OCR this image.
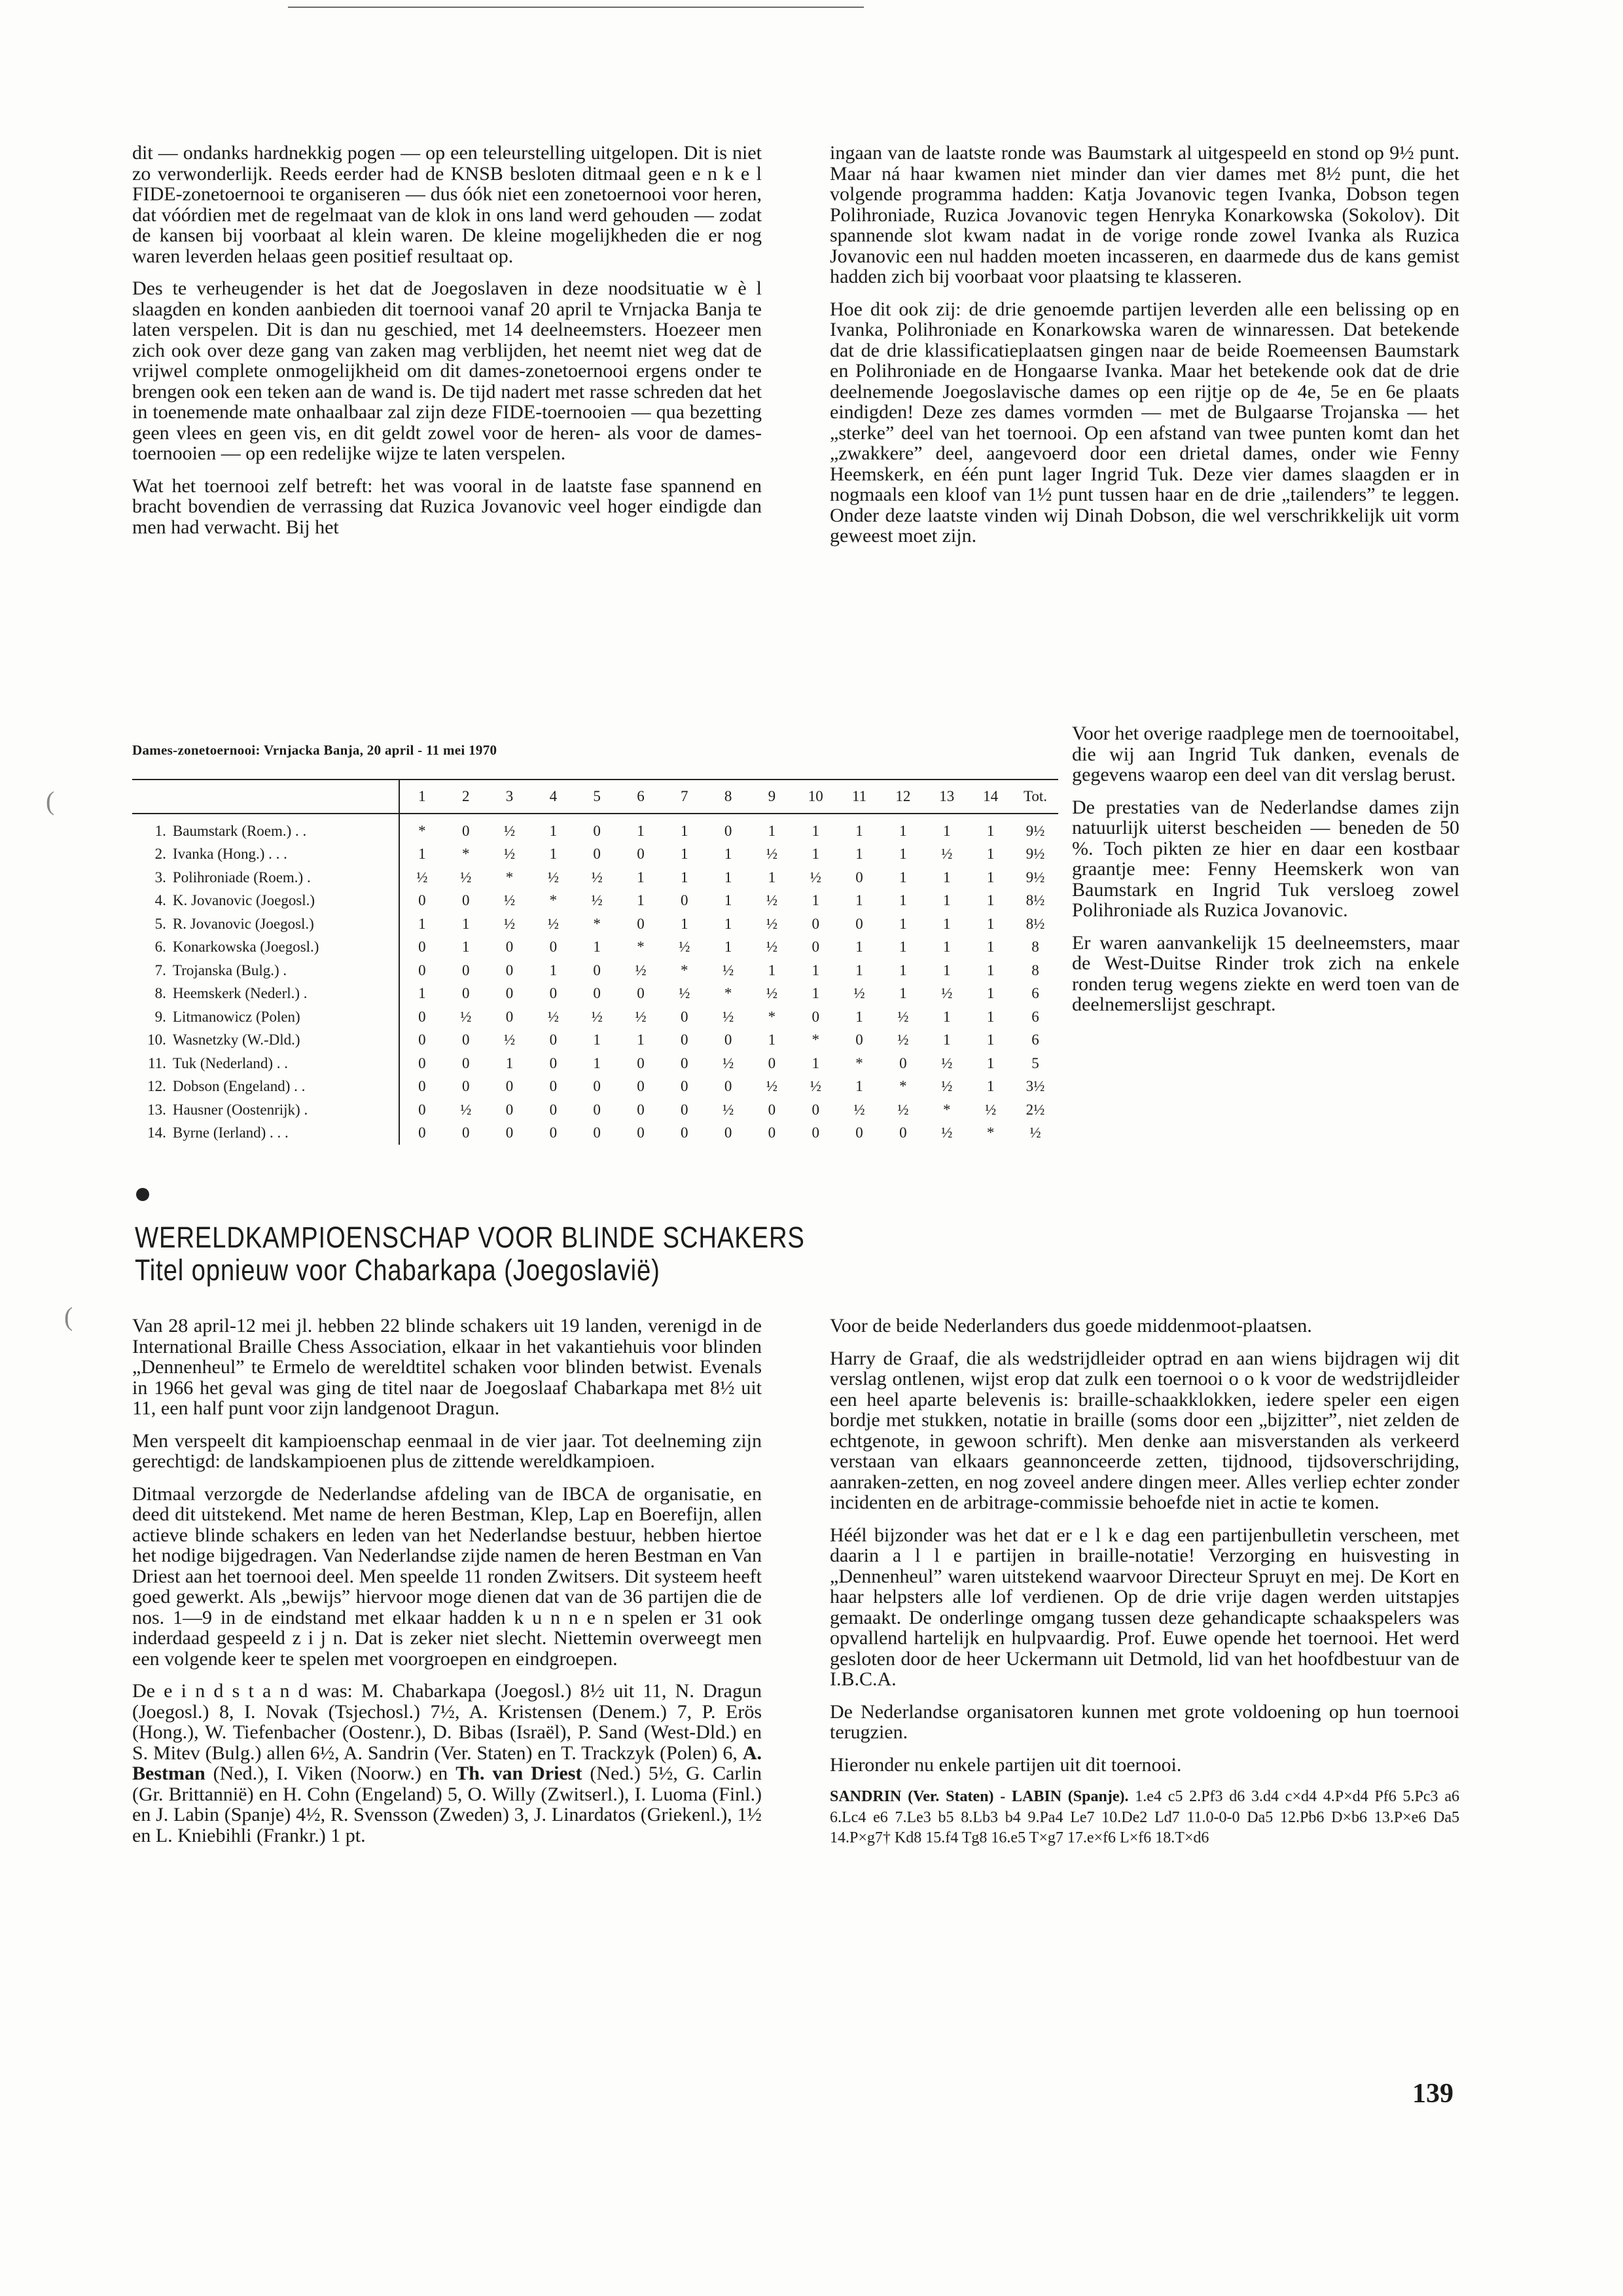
(
(

dit — ondanks hardnekkig pogen — op een teleurstelling uitgelopen. Dit is niet zo verwonderlijk. Reeds eerder had de KNSB besloten ditmaal geen e n k e l FIDE-zonetoernooi te organiseren — dus óók niet een zonetoernooi voor heren, dat vóórdien met de regelmaat van de klok in ons land werd gehouden — zodat de kansen bij voorbaat al klein waren. De kleine mogelijkheden die er nog waren leverden helaas geen positief resultaat op.

Des te verheugender is het dat de Joegoslaven in deze noodsituatie w è l slaagden en konden aanbieden dit toernooi vanaf 20 april te Vrnjacka Banja te laten verspelen. Dit is dan nu geschied, met 14 deelneemsters. Hoezeer men zich ook over deze gang van zaken mag verblijden, het neemt niet weg dat de vrijwel complete onmogelijkheid om dit dames-zonetoernooi ergens onder te brengen ook een teken aan de wand is. De tijd nadert met rasse schreden dat het in toenemende mate onhaalbaar zal zijn deze FIDE-toernooien — qua bezetting geen vlees en geen vis, en dit geldt zowel voor de heren- als voor de dames-toernooien — op een redelijke wijze te laten verspelen.

Wat het toernooi zelf betreft: het was vooral in de laatste fase spannend en bracht bovendien de verrassing dat Ruzica Jovanovic veel hoger eindigde dan men had verwacht. Bij het

ingaan van de laatste ronde was Baumstark al uitgespeeld en stond op 9½ punt. Maar ná haar kwamen niet minder dan vier dames met 8½ punt, die het volgende programma hadden: Katja Jovanovic tegen Ivanka, Dobson tegen Polihroniade, Ruzica Jovanovic tegen Henryka Konarkowska (Sokolov). Dit spannende slot kwam nadat in de vorige ronde zowel Ivanka als Ruzica Jovanovic een nul hadden moeten incasseren, en daarmede dus de kans gemist hadden zich bij voorbaat voor plaatsing te klasseren.

Hoe dit ook zij: de drie genoemde partijen leverden alle een belissing op en Ivanka, Polihroniade en Konarkowska waren de winnaressen. Dat betekende dat de drie klassificatieplaatsen gingen naar de beide Roemeensen Baumstark en Polihroniade en de Hongaarse Ivanka. Maar het betekende ook dat de drie deelnemende Joegoslavische dames op een rijtje op de 4e, 5e en 6e plaats eindigden! Deze zes dames vormden — met de Bulgaarse Trojanska — het „sterke” deel van het toernooi. Op een afstand van twee punten komt dan het „zwakkere” deel, aangevoerd door een drietal dames, onder wie Fenny Heemskerk, en één punt lager Ingrid Tuk. Deze vier dames slaagden er in nogmaals een kloof van 1½ punt tussen haar en de drie „tailenders” te leggen. Onder deze laatste vinden wij Dinah Dobson, die wel verschrikkelijk uit vorm geweest moet zijn.

Voor het overige raadplege men de toernooitabel, die wij aan Ingrid Tuk danken, evenals de gegevens waarop een deel van dit verslag berust.

De prestaties van de Nederlandse dames zijn natuurlijk uiterst bescheiden — beneden de 50 %. Toch pikten ze hier en daar een kostbaar graantje mee: Fenny Heemskerk won van Baumstark en Ingrid Tuk versloeg zowel Polihroniade als Ruzica Jovanovic.

Er waren aanvankelijk 15 deelneemsters, maar de West-Duitse Rinder trok zich na enkele ronden terug wegens ziekte en werd toen van de deelnemerslijst geschrapt.

Dames-zonetoernooi: Vrnjacka Banja, 20 april - 11 mei 1970
		1	2	3	4	5	6	7	8	9	10	11	12	13	14	Tot.
1.	Baumstark (Roem.) . .	*	0	½	1	0	1	1	0	1	1	1	1	1	1	9½
2.	Ivanka (Hong.) . . .	1	*	½	1	0	0	1	1	½	1	1	1	½	1	9½
3.	Polihroniade (Roem.) .	½	½	*	½	½	1	1	1	1	½	0	1	1	1	9½
4.	K. Jovanovic (Joegosl.)	0	0	½	*	½	1	0	1	½	1	1	1	1	1	8½
5.	R. Jovanovic (Joegosl.)	1	1	½	½	*	0	1	1	½	0	0	1	1	1	8½
6.	Konarkowska (Joegosl.)	0	1	0	0	1	*	½	1	½	0	1	1	1	1	8
7.	Trojanska (Bulg.) .	0	0	0	1	0	½	*	½	1	1	1	1	1	1	8
8.	Heemskerk (Nederl.) .	1	0	0	0	0	0	½	*	½	1	½	1	½	1	6
9.	Litmanowicz (Polen)	0	½	0	½	½	½	0	½	*	0	1	½	1	1	6
10.	Wasnetzky (W.-Dld.)	0	0	½	0	1	1	0	0	1	*	0	½	1	1	6
11.	Tuk (Nederland) . .	0	0	1	0	1	0	0	½	0	1	*	0	½	1	5
12.	Dobson (Engeland) . .	0	0	0	0	0	0	0	0	½	½	1	*	½	1	3½
13.	Hausner (Oostenrijk) .	0	½	0	0	0	0	0	½	0	0	½	½	*	½	2½
14.	Byrne (Ierland) . . .	0	0	0	0	0	0	0	0	0	0	0	0	½	*	½
WERELDKAMPIOENSCHAP VOOR BLINDE SCHAKERS
Titel opnieuw voor Chabarkapa (Joegoslavië)

Van 28 april-12 mei jl. hebben 22 blinde schakers uit 19 landen, verenigd in de International Braille Chess Association, elkaar in het vakantiehuis voor blinden „Dennenheul” te Ermelo de wereldtitel schaken voor blinden betwist. Evenals in 1966 het geval was ging de titel naar de Joegoslaaf Chabarkapa met 8½ uit 11, een half punt voor zijn landgenoot Dragun.

Men verspeelt dit kampioenschap eenmaal in de vier jaar. Tot deelneming zijn gerechtigd: de landskampioenen plus de zittende wereldkampioen.

Ditmaal verzorgde de Nederlandse afdeling van de IBCA de organisatie, en deed dit uitstekend. Met name de heren Bestman, Klep, Lap en Boerefijn, allen actieve blinde schakers en leden van het Nederlandse bestuur, hebben hiertoe het nodige bijgedragen. Van Nederlandse zijde namen de heren Bestman en Van Driest aan het toernooi deel. Men speelde 11 ronden Zwitsers. Dit systeem heeft goed gewerkt. Als „bewijs” hiervoor moge dienen dat van de 36 partijen die de nos. 1—9 in de eindstand met elkaar hadden k u n n e n spelen er 31 ook inderdaad gespeeld z i j n. Dat is zeker niet slecht. Niettemin overweegt men een volgende keer te spelen met voorgroepen en eindgroepen.

De e i n d s t a n d was: M. Chabarkapa (Joegosl.) 8½ uit 11, N. Dragun (Joegosl.) 8, I. Novak (Tsjechosl.) 7½, A. Kristensen (Denem.) 7, P. Erös (Hong.), W. Tiefenbacher (Oostenr.), D. Bibas (Israël), P. Sand (West-Dld.) en S. Mitev (Bulg.) allen 6½, A. Sandrin (Ver. Staten) en T. Trackzyk (Polen) 6, A. Bestman (Ned.), I. Viken (Noorw.) en Th. van Driest (Ned.) 5½, G. Carlin (Gr. Brittannië) en H. Cohn (Engeland) 5, O. Willy (Zwitserl.), I. Luoma (Finl.) en J. Labin (Spanje) 4½, R. Svensson (Zweden) 3, J. Linardatos (Griekenl.), 1½ en L. Kniebihli (Frankr.) 1 pt.

Voor de beide Nederlanders dus goede middenmoot-plaatsen.

Harry de Graaf, die als wedstrijdleider optrad en aan wiens bijdragen wij dit verslag ontlenen, wijst erop dat zulk een toernooi o o k voor de wedstrijdleider een heel aparte belevenis is: braille-schaakklokken, iedere speler een eigen bordje met stukken, notatie in braille (soms door een „bijzitter”, niet zelden de echtgenote, in gewoon schrift). Men denke aan misverstanden als verkeerd verstaan van elkaars geannonceerde zetten, tijdnood, tijdsoverschrijding, aanraken-zetten, en nog zoveel andere dingen meer. Alles verliep echter zonder incidenten en de arbitrage-commissie behoefde niet in actie te komen.

Héél bijzonder was het dat er e l k e dag een partijenbulletin verscheen, met daarin a l l e partijen in braille-notatie! Verzorging en huisvesting in „Dennenheul” waren uitstekend waarvoor Directeur Spruyt en mej. De Kort en haar helpsters alle lof verdienen. Op de drie vrije dagen werden uitstapjes gemaakt. De onderlinge omgang tussen deze gehandicapte schaakspelers was opvallend hartelijk en hulpvaardig. Prof. Euwe opende het toernooi. Het werd gesloten door de heer Uckermann uit Detmold, lid van het hoofdbestuur van de I.B.C.A.

De Nederlandse organisatoren kunnen met grote voldoening op hun toernooi terugzien.

Hieronder nu enkele partijen uit dit toernooi.

SANDRIN (Ver. Staten) - LABIN (Spanje). 1.e4 c5 2.Pf3 d6 3.d4 c×d4 4.P×d4 Pf6 5.Pc3 a6 6.Lc4 e6 7.Le3 b5 8.Lb3 b4 9.Pa4 Le7 10.De2 Ld7 11.0-0-0 Da5 12.Pb6 D×b6 13.P×e6 Da5 14.P×g7† Kd8 15.f4 Tg8 16.e5 T×g7 17.e×f6 L×f6 18.T×d6

139
